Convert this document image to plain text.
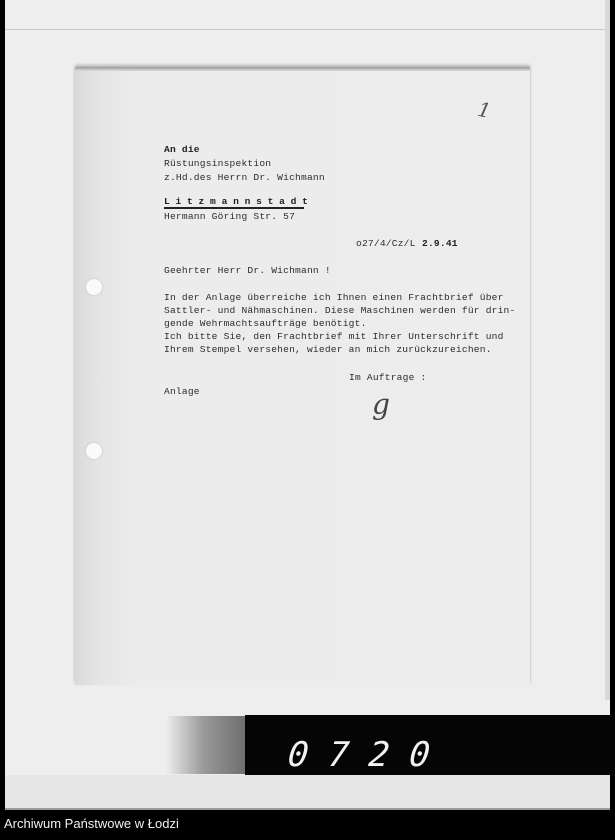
1
An die
Rüstungsinspektion
z.Hd.des Herrn Dr. Wichmann
L i t z m a n n s t a d t
Hermann Göring Str. 57
o27/4/Cz/L 2.9.41
Geehrter Herr Dr. Wichmann !
In der Anlage überreiche ich Ihnen einen Frachtbrief über
Sattler- und Nähmaschinen. Diese Maschinen werden für drin-
gende Wehrmachtsaufträge benötigt.
Ich bitte Sie, den Frachtbrief mit Ihrer Unterschrift und
Ihrem Stempel versehen, wieder an mich zurückzureichen.
Im Auftrage :
Anlage	g
0720
Archiwum Państwowe w Łodzi
